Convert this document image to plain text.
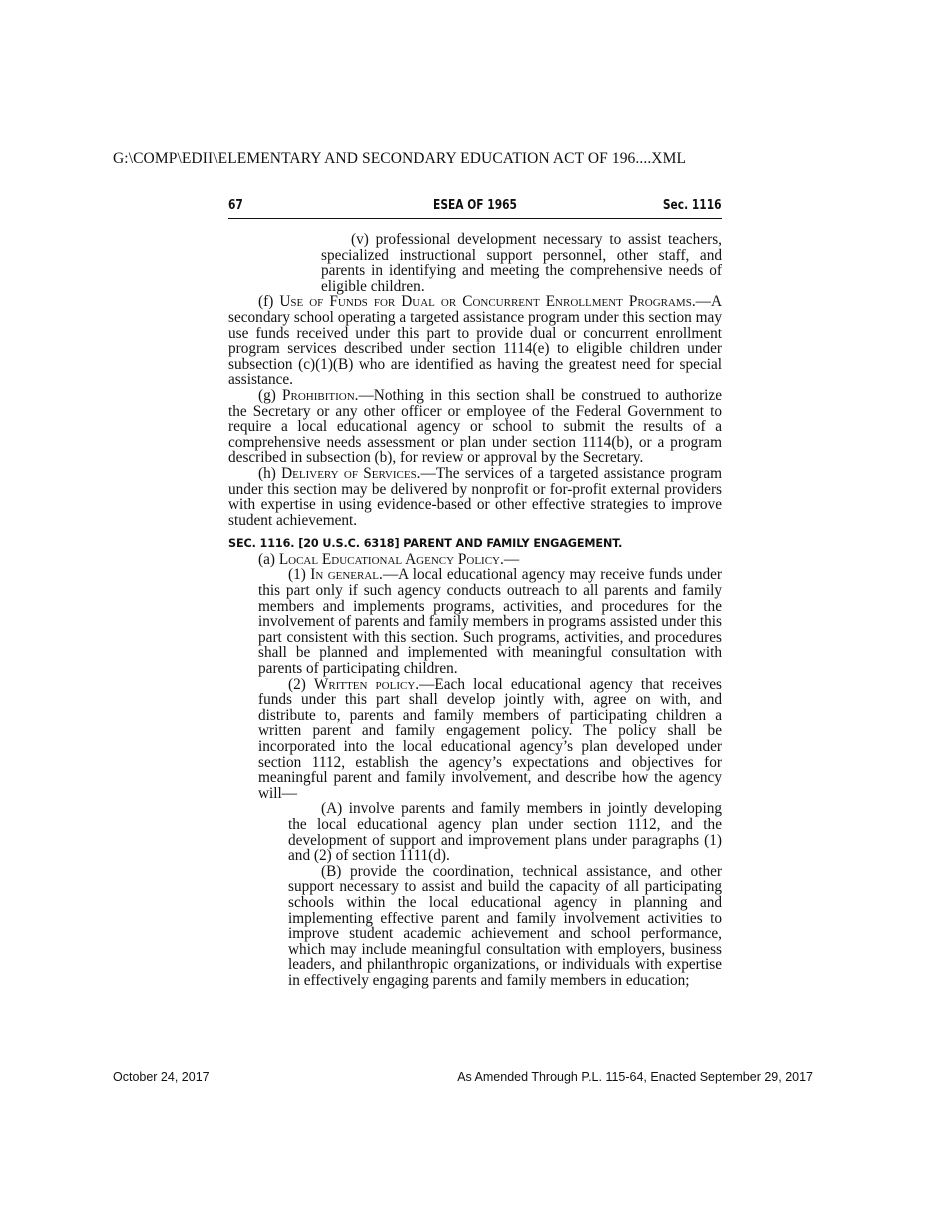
G:\COMP\EDII\ELEMENTARY AND SECONDARY EDUCATION ACT OF 196....XML
67	ESEA OF 1965	Sec. 1116

(v) professional development necessary to assist teachers, specialized instructional support personnel, other staff, and parents in identifying and meeting the comprehensive needs of eligible children.

(f) Use of Funds for Dual or Concurrent Enrollment Programs.—A secondary school operating a targeted assistance program under this section may use funds received under this part to provide dual or concurrent enrollment program services described under section 1114(e) to eligible children under subsection (c)(1)(B) who are identified as having the greatest need for special assistance.

(g) Prohibition.—Nothing in this section shall be construed to authorize the Secretary or any other officer or employee of the Federal Government to require a local educational agency or school to submit the results of a comprehensive needs assessment or plan under section 1114(b), or a program described in subsection (b), for review or approval by the Secretary.

(h) Delivery of Services.—The services of a targeted assistance program under this section may be delivered by nonprofit or for-profit external providers with expertise in using evidence-based or other effective strategies to improve student achievement.

SEC. 1116. [20 U.S.C. 6318] PARENT AND FAMILY ENGAGEMENT.

(a) Local Educational Agency Policy.—

(1) In general.—A local educational agency may receive funds under this part only if such agency conducts outreach to all parents and family members and implements programs, activities, and procedures for the involvement of parents and family members in programs assisted under this part consistent with this section. Such programs, activities, and procedures shall be planned and implemented with meaningful consultation with parents of participating children.

(2) Written policy.—Each local educational agency that receives funds under this part shall develop jointly with, agree on with, and distribute to, parents and family members of participating children a written parent and family engagement policy. The policy shall be incorporated into the local educational agency’s plan developed under section 1112, establish the agency’s expectations and objectives for meaningful parent and family involvement, and describe how the agency will—

(A) involve parents and family members in jointly developing the local educational agency plan under section 1112, and the development of support and improvement plans under paragraphs (1) and (2) of section 1111(d).

(B) provide the coordination, technical assistance, and other support necessary to assist and build the capacity of all participating schools within the local educational agency in planning and implementing effective parent and family involvement activities to improve student academic achievement and school performance, which may include meaningful consultation with employers, business leaders, and philanthropic organizations, or individuals with expertise in effectively engaging parents and family members in education;

October 24, 2017	As Amended Through P.L. 115-64, Enacted September 29, 2017
